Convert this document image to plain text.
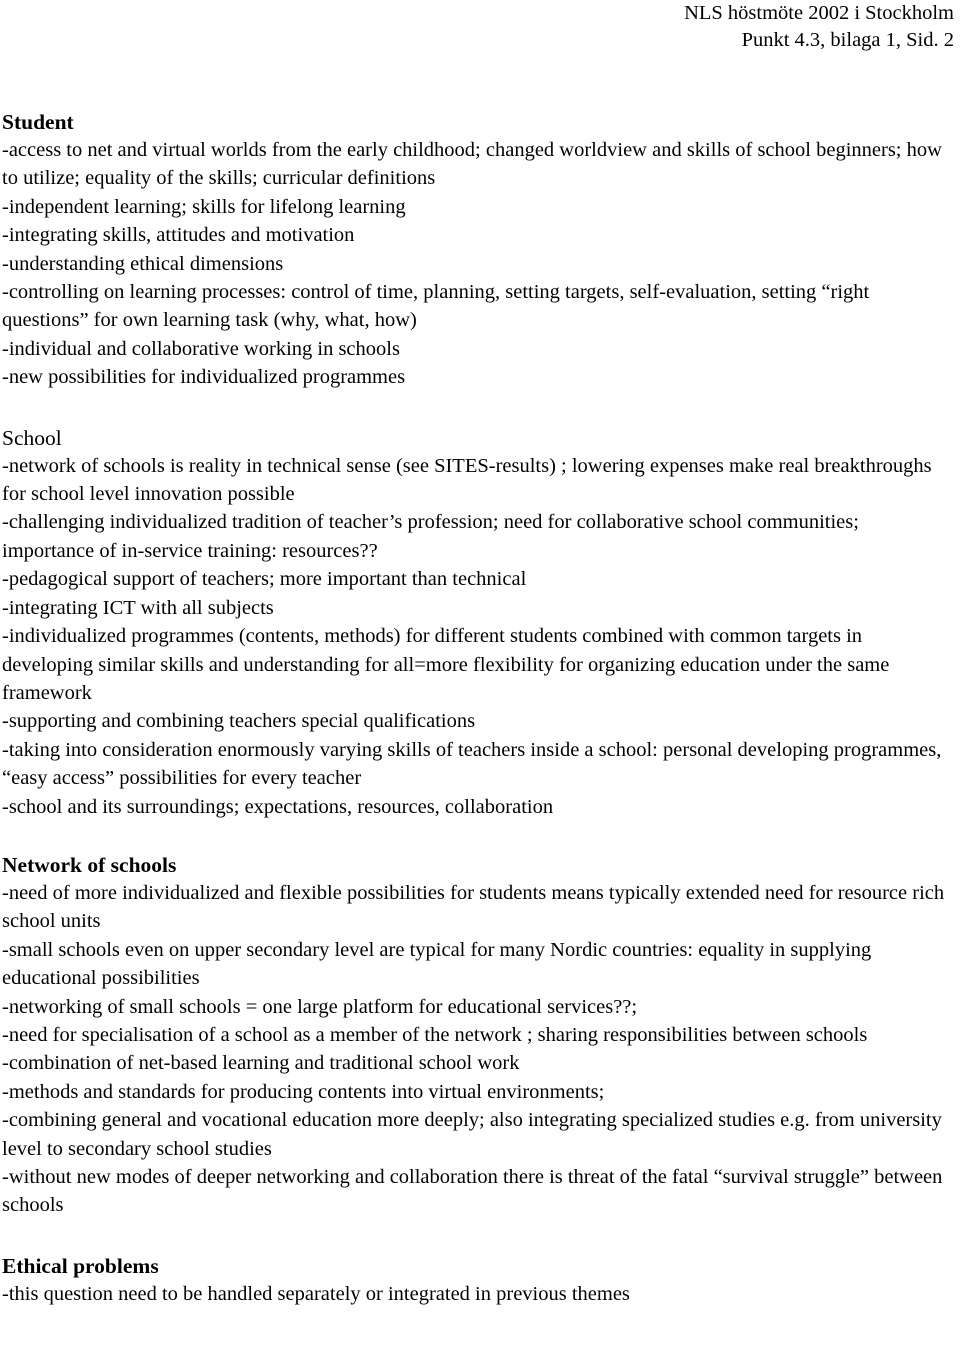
NLS höstmöte 2002 i Stockholm
Punkt 4.3, bilaga 1, Sid. 2
Student

-access to net and virtual worlds from the early childhood; changed worldview and skills of school beginners; how to utilize; equality of the skills; curricular definitions

-independent learning; skills for lifelong learning

-integrating skills, attitudes and motivation

-understanding ethical dimensions

-controlling on learning processes: control of time, planning, setting targets, self-evaluation, setting “right questions” for own learning task (why, what, how)

-individual and collaborative working in schools

-new possibilities for individualized programmes

School

-network of schools is reality in technical sense (see SITES-results) ; lowering expenses make real breakthroughs for school level innovation possible

-challenging individualized tradition of teacher’s profession; need for collaborative school communities; importance of in-service training: resources??

-pedagogical support of teachers; more important than technical

-integrating ICT with all subjects

-individualized programmes (contents, methods) for different students combined with common targets in developing similar skills and understanding for all=more flexibility for organizing education under the same framework

-supporting and combining teachers special qualifications

-taking into consideration enormously varying skills of teachers inside a school: personal developing programmes, “easy access” possibilities for every teacher

-school and its surroundings; expectations, resources, collaboration

Network of schools

-need of more individualized and flexible possibilities for students means typically extended need for resource rich school units

-small schools even on upper secondary level are typical for many Nordic countries: equality in supplying educational possibilities

-networking of small schools = one large platform for educational services??;

-need for specialisation of a school as a member of the network ; sharing responsibilities between schools

-combination of net-based learning and traditional school work

-methods and standards for producing contents into virtual environments;

-combining general and vocational education more deeply; also integrating specialized studies e.g. from university level to secondary school studies

-without new modes of deeper networking and collaboration there is threat of the fatal “survival struggle” between schools

Ethical problems

-this question need to be handled separately or integrated in previous themes
